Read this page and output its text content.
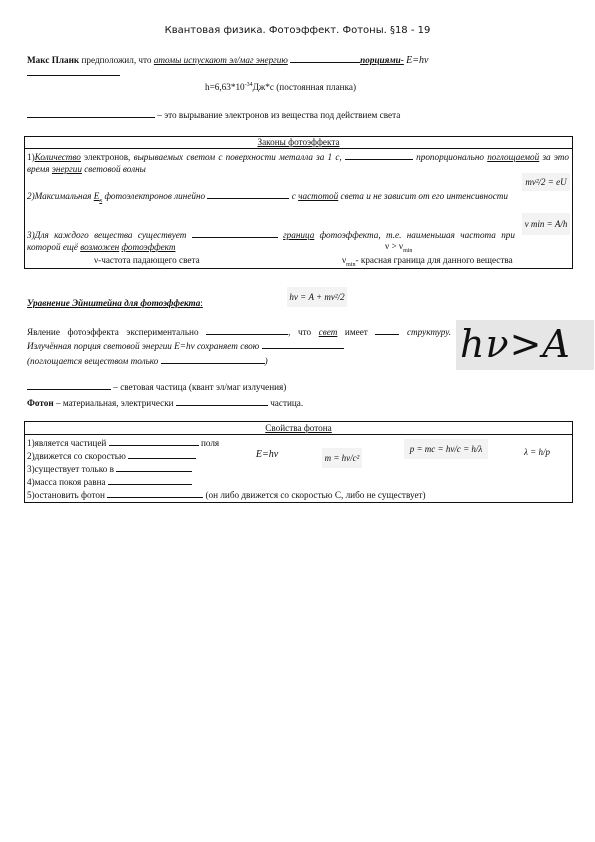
Квантовая физика. Фотоэффект. Фотоны. §18 - 19
Макс Планк предположил, что атомы испускают эл/маг энергию	порциями- E=hν
$h=6,63*10^{-34}Дж*с$ (постоянная планка)
– это вырывание электронов из вещества под действием света
Законы фотоэффекта
1)Количество электронов, вырываемых светом с поверхности металла за 1 с,	пропорционально поглощаемой за это время энергии световой волны
mv²/2 = eU
2)Максимальная $E_к$ фотоэлектронов линейно	с частотой света и не зависит от его интенсивности
3)Для каждого вещества существует	граница фотоэффекта, т.е. наименьшая частота при которой ещё возможен фотоэффект	$\nu > \nu_{min}$
ν min = A/h
ν-частота падающего света	$\nu_{min}-$ красная граница для данного вещества
Уравнение Эйнштейна для фотоэффекта:
hν = A + mv²/2
Явление фотоэффекта экспериментально	, что свет имеет	структуру. Излучённая порция световой энергии E=hν сохраняет свою
(поглощается веществом только	)	hν>A
– световая частица (квант эл/маг излучения)
Фотон – материальная, электрически	частица.
Свойства фотона
1)является частицей	поля
2)движется со скоростью
3)существует только в
4)масса покоя равна
5)остановить фотон	(он либо движется со скоростью С, либо не существует)
E=hν	m = hν/c²
p = mc = hν/c = h/λ	λ = h/p
